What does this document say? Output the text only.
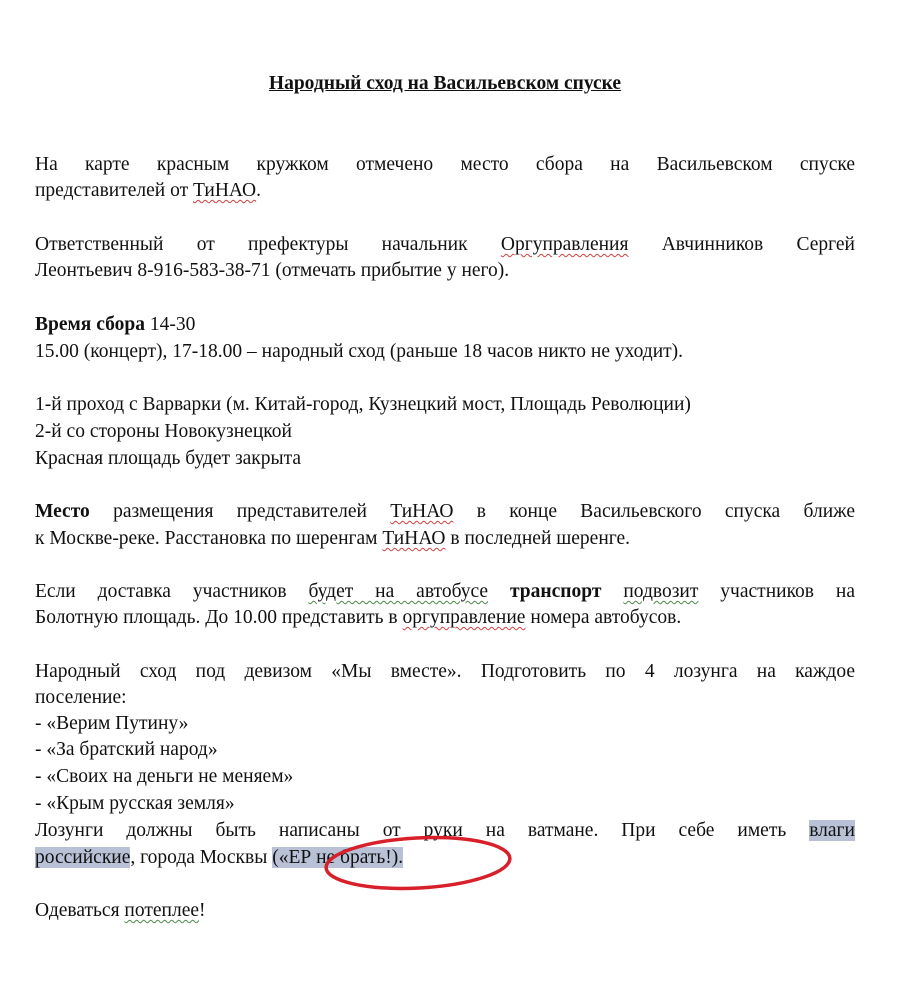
Народный сход на Васильевском спуске
На карте красным кружком отмечено место сбора на Васильевском спуске
представителей от ТиНАО.
Ответственный от префектуры начальник Оргуправления Авчинников Сергей
Леонтьевич 8-916-583-38-71 (отмечать прибытие у него).
Время сбора 14-30
15.00 (концерт), 17-18.00 – народный сход (раньше 18 часов никто не уходит).
1-й проход с Варварки (м. Китай-город, Кузнецкий мост, Площадь Революции)
2-й со стороны Новокузнецкой
Красная площадь будет закрыта
Место размещения представителей ТиНАО в конце Васильевского спуска ближе
к Москве-реке. Расстановка по шеренгам ТиНАО в последней шеренге.
Если доставка участников будет на автобусе транспорт подвозит участников на
Болотную площадь. До 10.00 представить в оргуправление номера автобусов.
Народный сход под девизом «Мы вместе». Подготовить по 4 лозунга на каждое
поселение:
- «Верим Путину»
- «За братский народ»
- «Своих на деньги не меняем»
- «Крым русская земля»
Лозунги должны быть написаны от руки на ватмане. При себе иметь влаги
российские, города Москвы («ЕР не брать!).
Одеваться потеплее!
